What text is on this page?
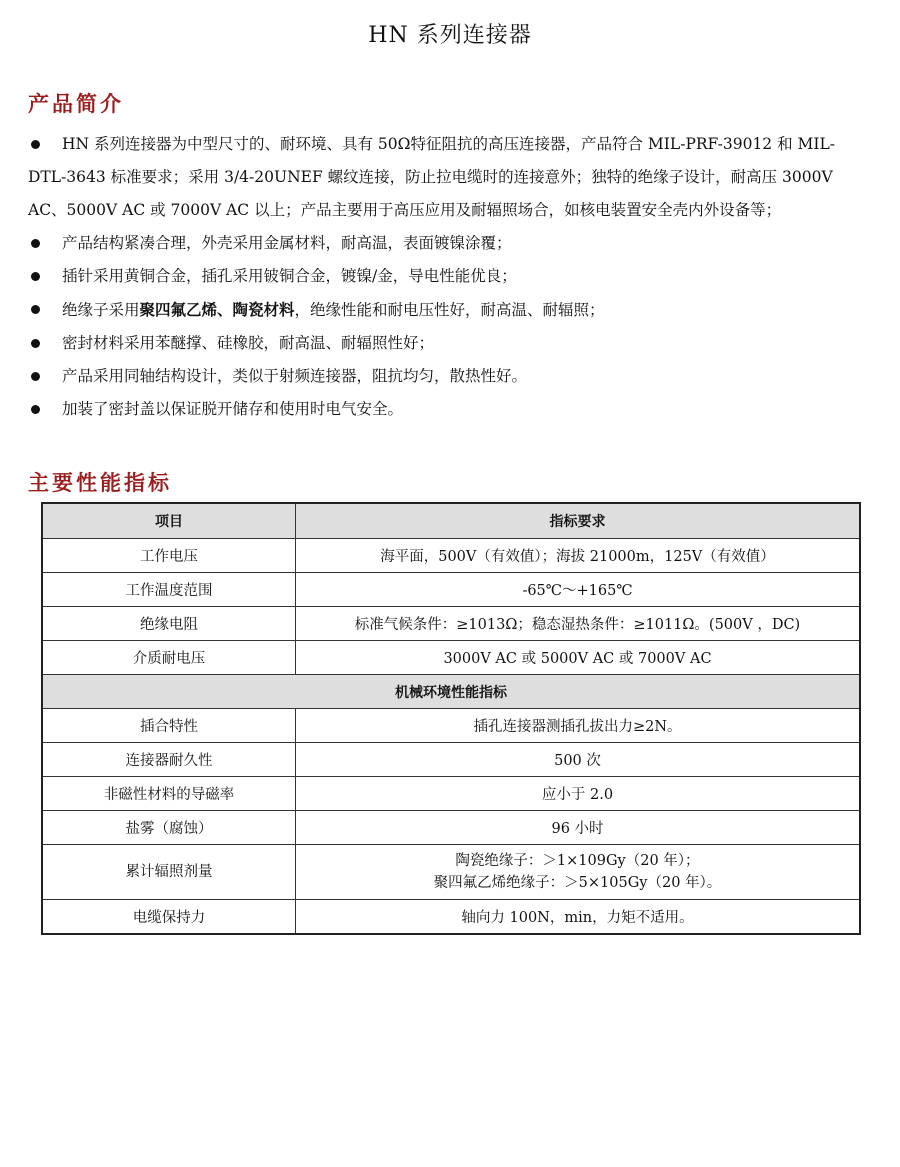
HN 系列连接器
产品简介
HN 系列连接器为中型尺寸的、耐环境、具有 50Ω特征阻抗的高压连接器，产品符合 MIL-PRF-39012 和 MIL-DTL-3643 标准要求；采用 3/4-20UNEF 螺纹连接，防止拉电缆时的连接意外；独特的绝缘子设计，耐高压 3000V AC、5000V AC 或 7000V AC 以上；产品主要用于高压应用及耐辐照场合，如核电装置安全壳内外设备等；
产品结构紧凑合理，外壳采用金属材料，耐高温，表面镀镍涂覆；
插针采用黄铜合金，插孔采用铍铜合金，镀镍/金，导电性能优良；
绝缘子采用聚四氟乙烯、陶瓷材料，绝缘性能和耐电压性好，耐高温、耐辐照；
密封材料采用苯醚撑、硅橡胶，耐高温、耐辐照性好；
产品采用同轴结构设计，类似于射频连接器，阻抗均匀，散热性好。
加装了密封盖以保证脱开储存和使用时电气安全。
主要性能指标
项目	指标要求
工作电压	海平面，500V（有效值）；海拔 21000m，125V（有效值）
工作温度范围	-65℃～+165℃
绝缘电阻	标准气候条件：≥1013Ω；稳态湿热条件：≥1011Ω。(500V ，DC)
介质耐电压	3000V AC 或 5000V AC 或 7000V AC
机械环境性能指标	
插合特性	插孔连接器测插孔拔出力≥2N。
连接器耐久性	500 次
非磁性材料的导磁率	应小于 2.0
盐雾（腐蚀）	96 小时
累计辐照剂量	陶瓷绝缘子：＞1×109Gy（20 年）；
聚四氟乙烯绝缘子：＞5×105Gy（20 年）。

电缆保持力	轴向力 100N，min，力矩不适用。
